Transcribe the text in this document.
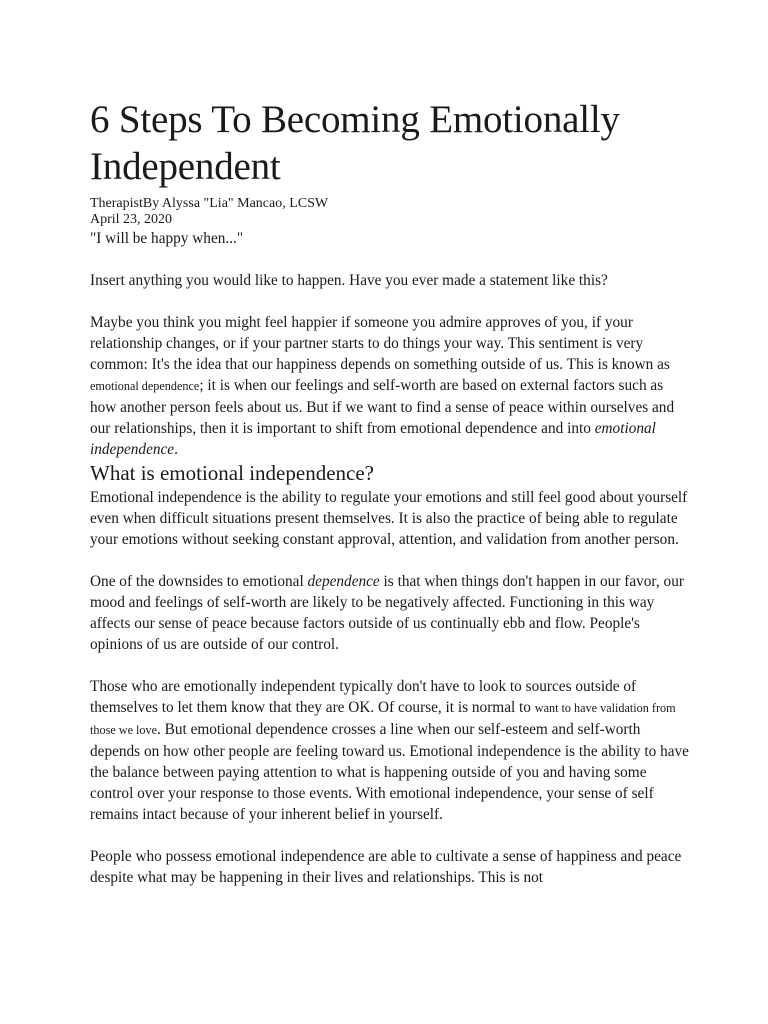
6 Steps To Becoming Emotionally Independent
TherapistBy Alyssa "Lia" Mancao, LCSW
April 23, 2020

"I will be happy when..."

Insert anything you would like to happen. Have you ever made a statement like this?

Maybe you think you might feel happier if someone you admire approves of you, if your relationship changes, or if your partner starts to do things your way. This sentiment is very common: It's the idea that our happiness depends on something outside of us. This is known as emotional dependence; it is when our feelings and self-worth are based on external factors such as how another person feels about us. But if we want to find a sense of peace within ourselves and our relationships, then it is important to shift from emotional dependence and into emotional independence.

What is emotional independence?

Emotional independence is the ability to regulate your emotions and still feel good about yourself even when difficult situations present themselves. It is also the practice of being able to regulate your emotions without seeking constant approval, attention, and validation from another person.

One of the downsides to emotional dependence is that when things don't happen in our favor, our mood and feelings of self-worth are likely to be negatively affected. Functioning in this way affects our sense of peace because factors outside of us continually ebb and flow. People's opinions of us are outside of our control.

Those who are emotionally independent typically don't have to look to sources outside of themselves to let them know that they are OK. Of course, it is normal to want to have validation from those we love. But emotional dependence crosses a line when our self-esteem and self-worth depends on how other people are feeling toward us. Emotional independence is the ability to have the balance between paying attention to what is happening outside of you and having some control over your response to those events. With emotional independence, your sense of self remains intact because of your inherent belief in yourself.

People who possess emotional independence are able to cultivate a sense of happiness and peace despite what may be happening in their lives and relationships. This is not
